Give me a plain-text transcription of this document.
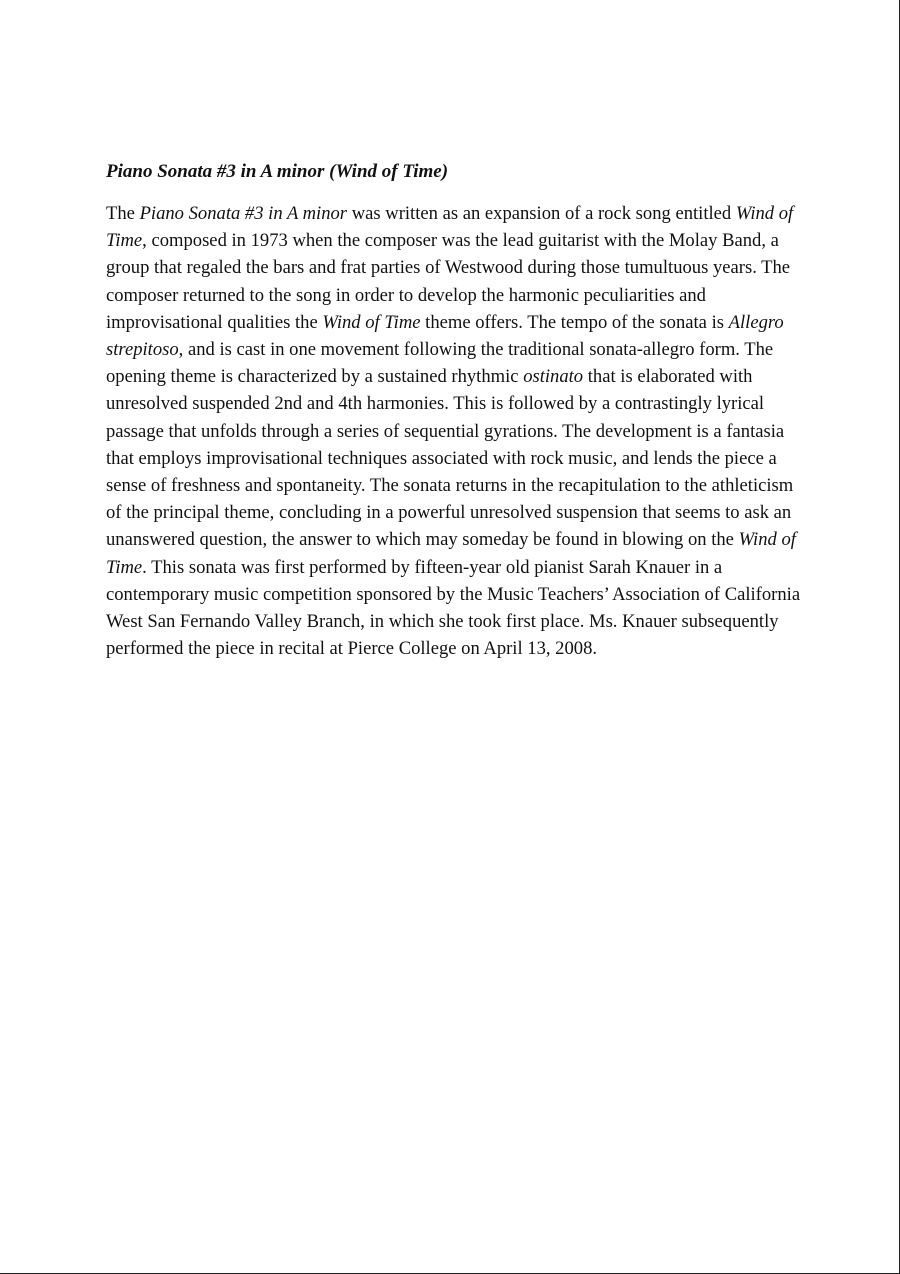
Piano Sonata #3 in A minor (Wind of Time)

The Piano Sonata #3 in A minor was written as an expansion of a rock song entitled Wind of Time, composed in 1973 when the composer was the lead guitarist with the Molay Band, a group that regaled the bars and frat parties of Westwood during those tumultuous years. The composer returned to the song in order to develop the harmonic peculiarities and improvisational qualities the Wind of Time theme offers. The tempo of the sonata is Allegro strepitoso, and is cast in one movement following the traditional sonata-allegro form. The opening theme is characterized by a sustained rhythmic ostinato that is elaborated with unresolved suspended 2nd and 4th harmonies. This is followed by a contrastingly lyrical passage that unfolds through a series of sequential gyrations. The development is a fantasia that employs improvisational techniques associated with rock music, and lends the piece a sense of freshness and spontaneity. The sonata returns in the recapitulation to the athleticism of the principal theme, concluding in a powerful unresolved suspension that seems to ask an unanswered question, the answer to which may someday be found in blowing on the Wind of Time. This sonata was first performed by fifteen-year old pianist Sarah Knauer in a contemporary music competition sponsored by the Music Teachers’ Association of California West San Fernando Valley Branch, in which she took first place. Ms. Knauer subsequently performed the piece in recital at Pierce College on April 13, 2008.
